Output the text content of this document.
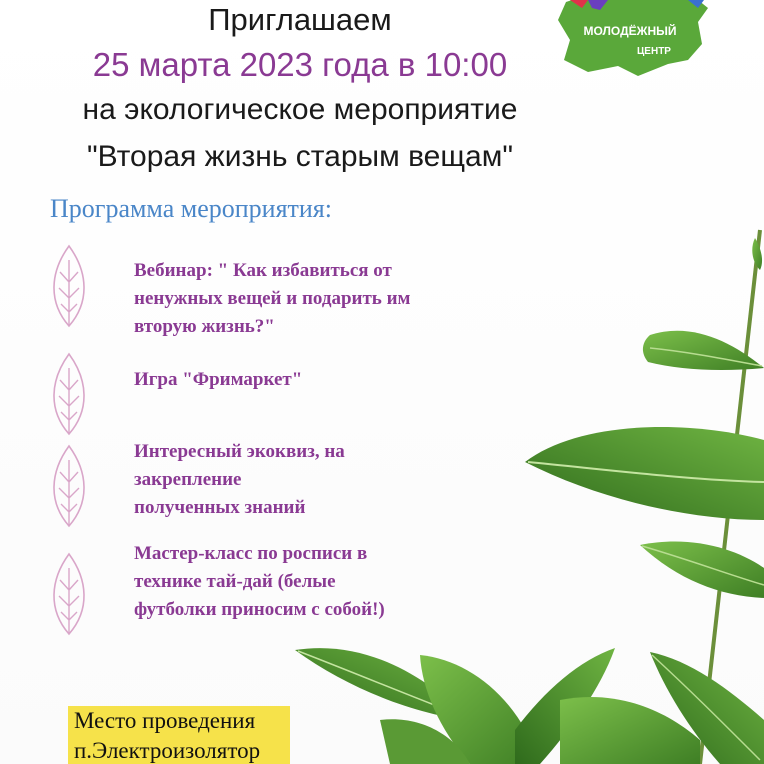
МОЛОДЁЖНЫЙ
ЦЕНТР
Приглашаем
25 марта 2023 года в 10:00
на экологическое мероприятие
"Вторая жизнь старым вещам"
Программа мероприятия:
Вебинар: " Как избавиться от
ненужных вещей и подарить им
вторую жизнь?"
Игра "Фримаркет"
Интересный экоквиз, на
закрепление
полученных знаний
Мастер-класс по росписи в
технике тай-дай (белые
футболки приносим с собой!)
Место проведения
п.Электроизолятор
